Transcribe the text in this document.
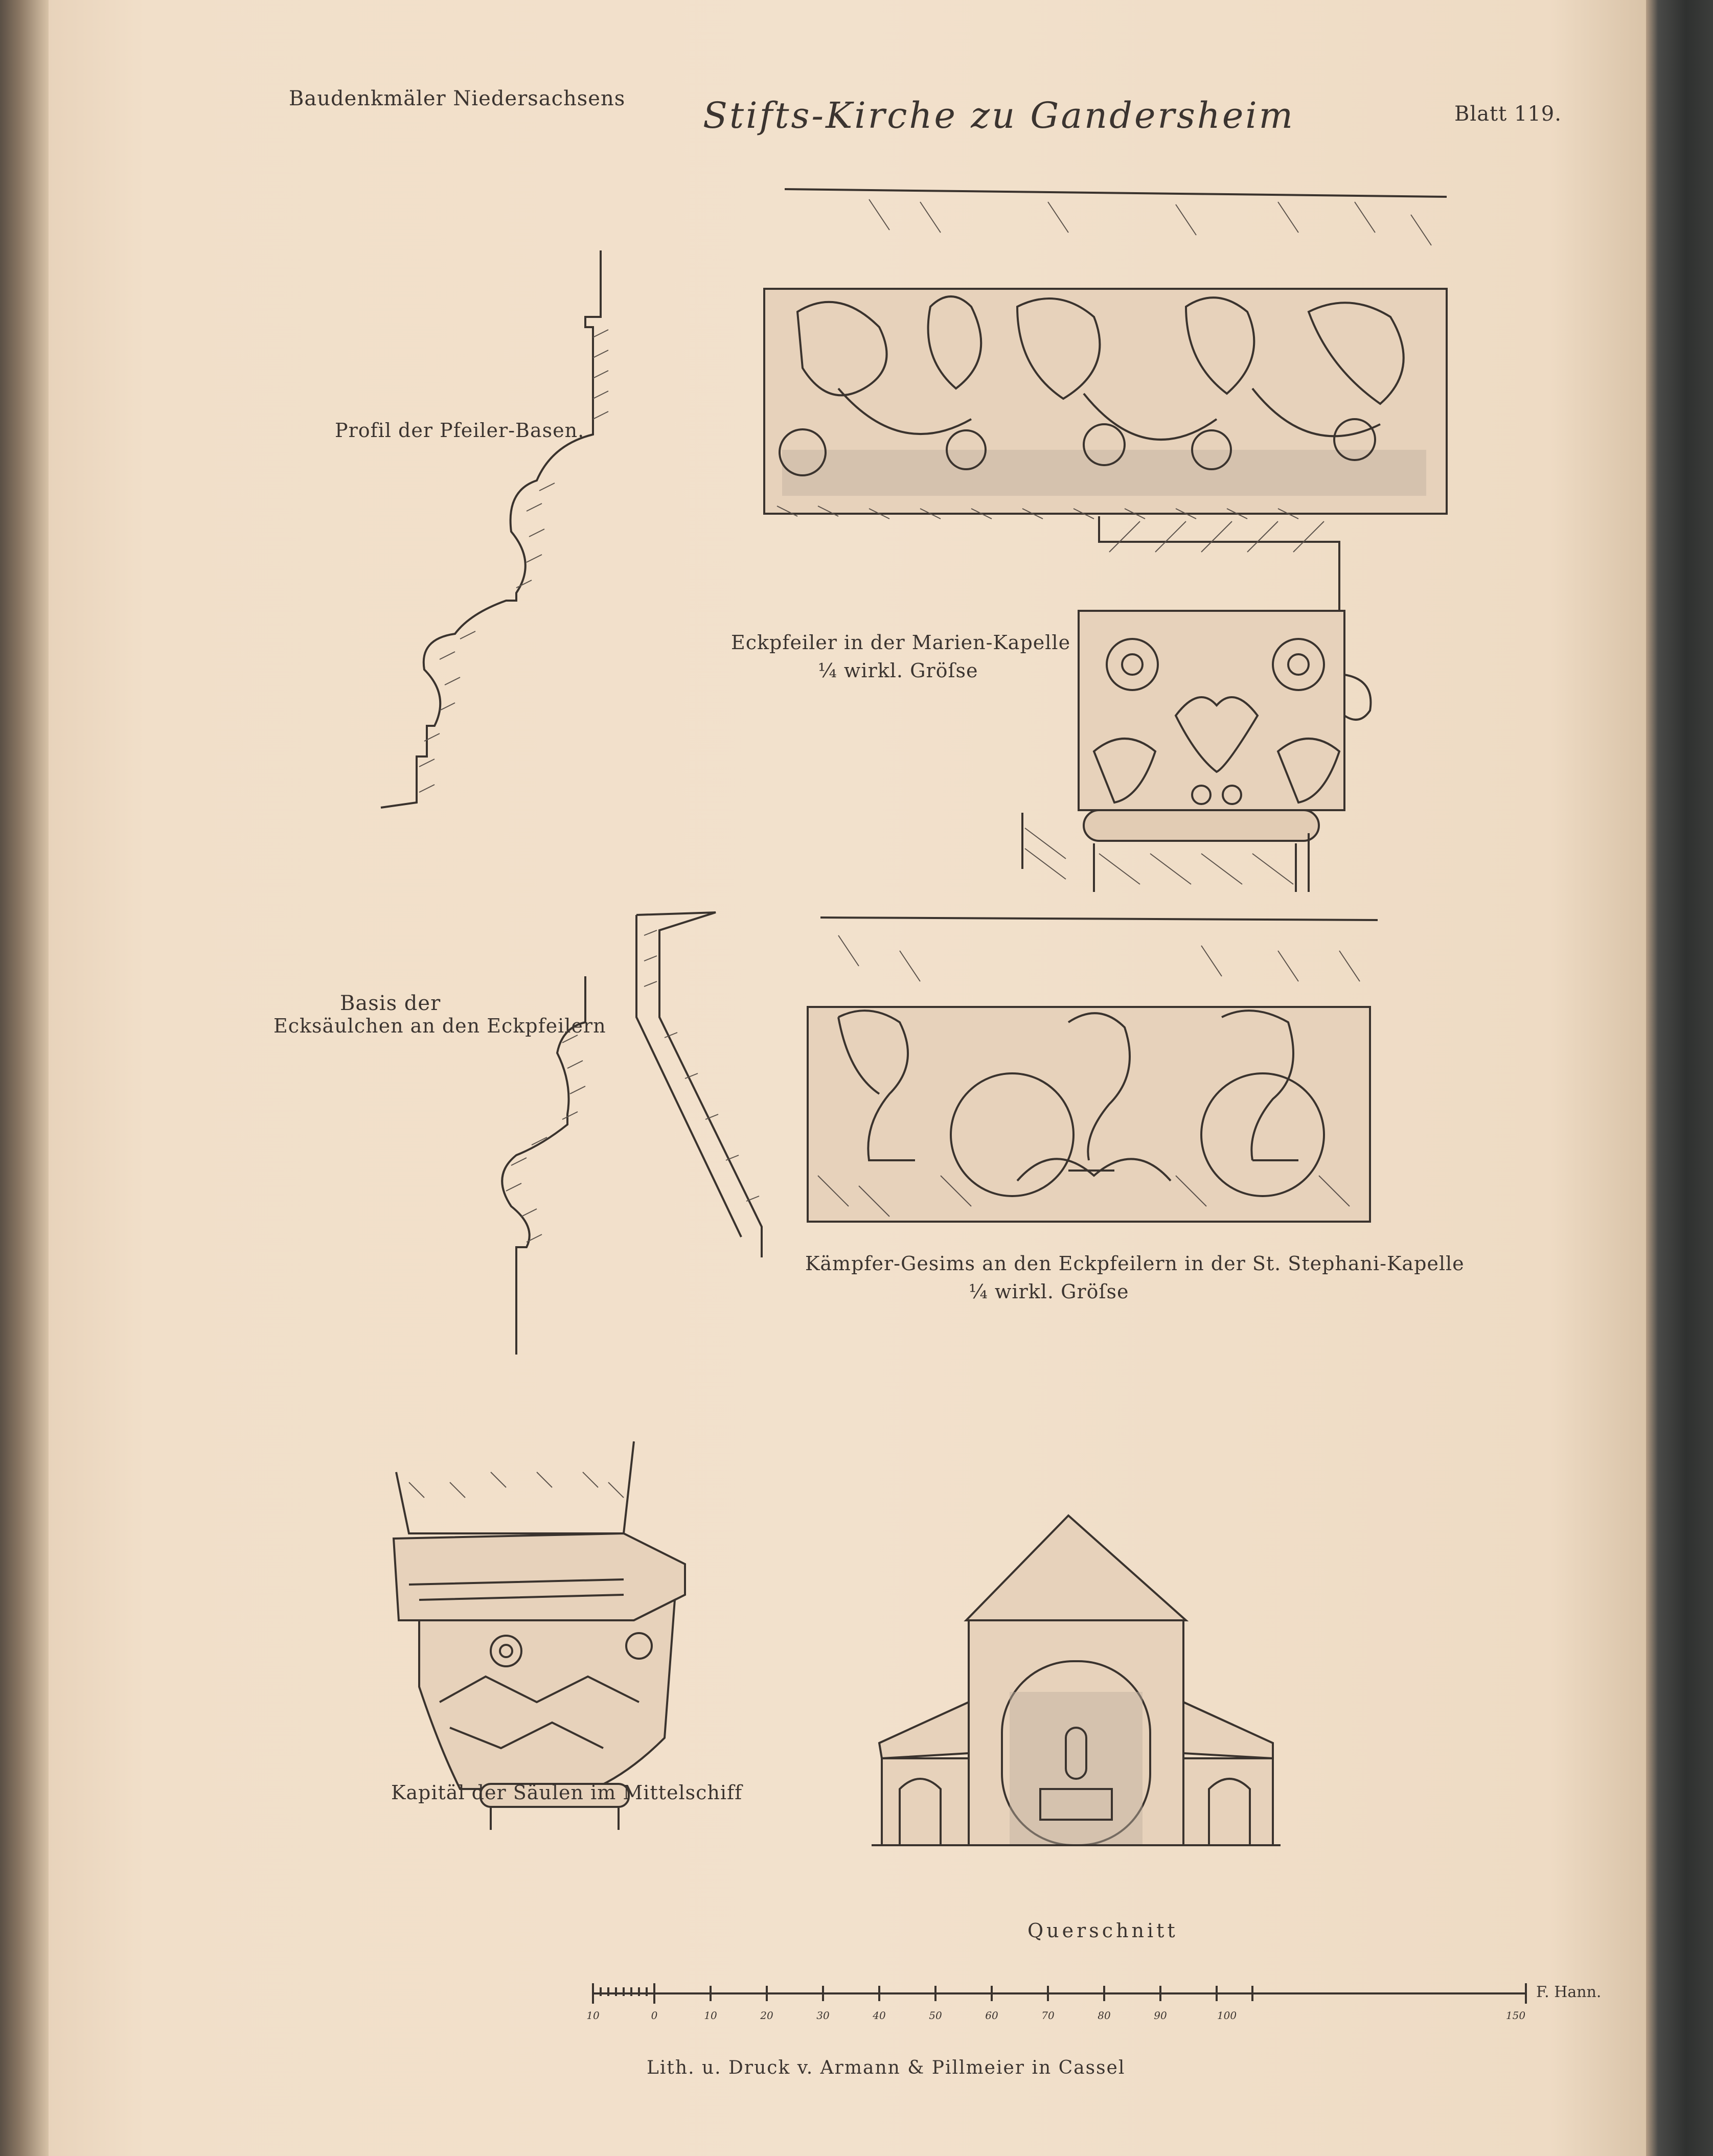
Baudenkmäler Niedersachsens Stifts-Kirche zu Gandersheim	Blatt 119.
10	0	10	20	30	40	50	60	70	80	90	100	150
Profil der Pfeiler-Basen.
Eckpfeiler in der Marien-Kapelle
¼ wirkl. Gröſse
Basis der
Ecksäulchen an den Eckpfeilern
Kämpfer-Gesims an den Eckpfeilern in der St. Stephani-Kapelle
¼ wirkl. Gröſse
Kapitäl der Säulen im Mittelschiff
Querschnitt
F. Hann.
Lith. u. Druck v. Armann & Pillmeier in Cassel
